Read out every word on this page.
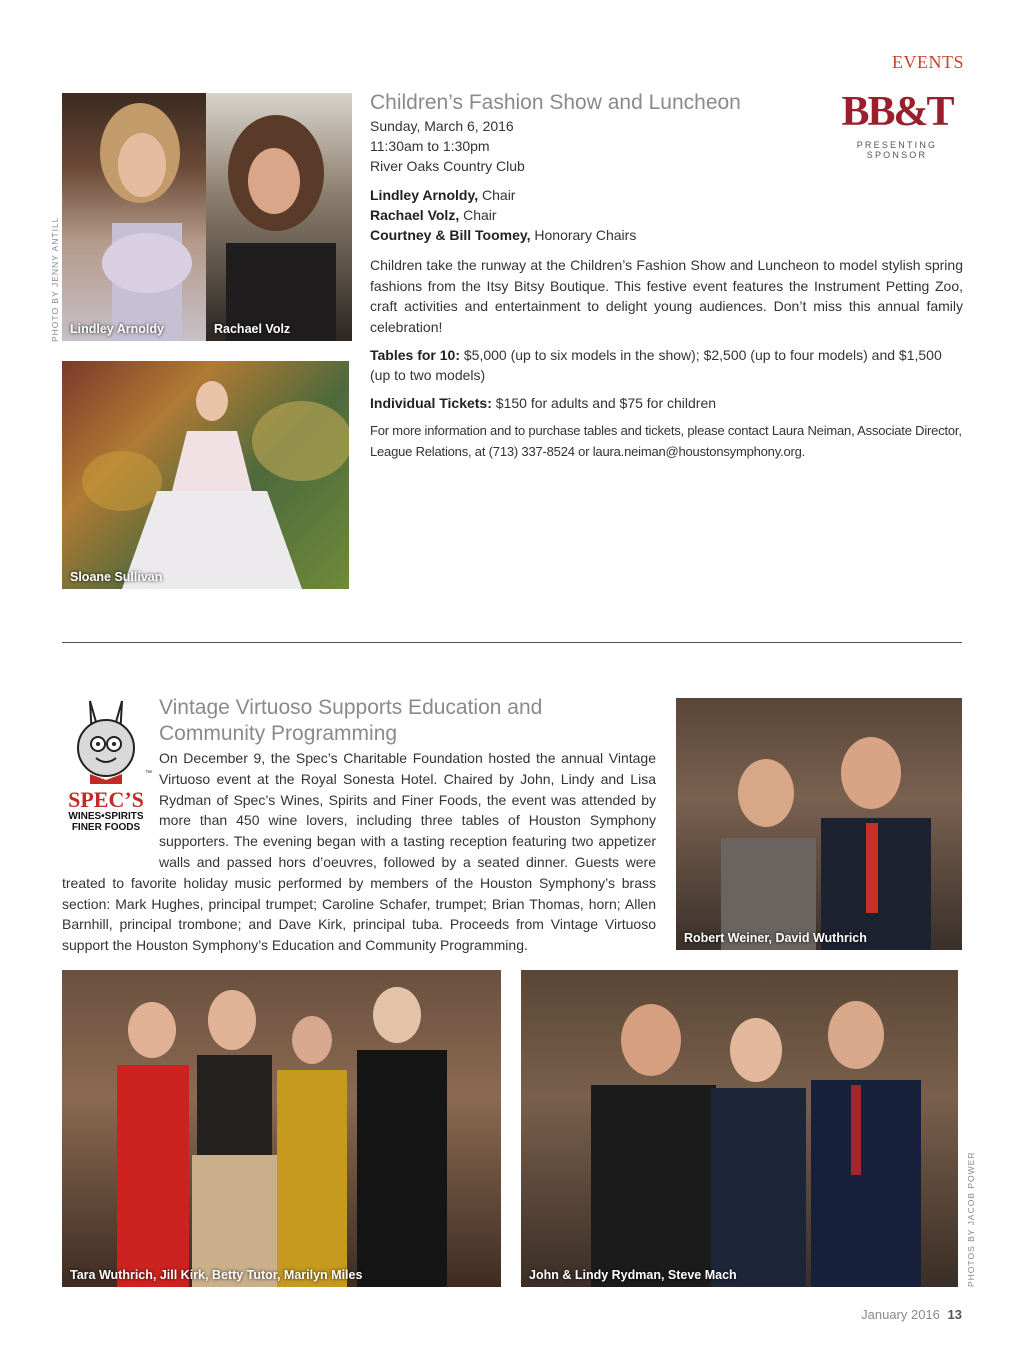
EVENTS
BB&T
PRESENTING SPONSOR
Lindley Arnoldy	Rachael Volz
PHOTO BY JENNY ANTILL
Sloane Sullivan
Children’s Fashion Show and Luncheon
Sunday, March 6, 2016
11:30am to 1:30pm
River Oaks Country Club
Lindley Arnoldy, Chair
Rachael Volz, Chair
Courtney & Bill Toomey, Honorary Chairs

Children take the runway at the Children’s Fashion Show and Luncheon to model stylish spring fashions from the Itsy Bitsy Boutique. This festive event features the Instrument Petting Zoo, craft activities and entertainment to delight young audiences. Don’t miss this annual family celebration!

Tables for 10: $5,000 (up to six models in the show); $2,500 (up to four models) and $1,500 (up to two models)

Individual Tickets: $150 for adults and $75 for children

For more information and to purchase tables and tickets, please contact Laura Neiman, Associate Director, League Relations, at (713) 337-8524 or laura.neiman@houstonsymphony.org.

SPEC’S
WINES•SPIRITS
FINER FOODS
™
Vintage Virtuoso Supports Education and
Community Programming

On December 9, the Spec’s Charitable Foundation hosted the annual Vintage Virtuoso event at the Royal Sonesta Hotel. Chaired by John, Lindy and Lisa Rydman of Spec’s Wines, Spirits and Finer Foods, the event was attended by more than 450 wine lovers, including three tables of Houston Symphony supporters. The evening began with a tasting reception featuring two appetizer walls and passed hors d’oeuvres, followed by a seated dinner. Guests were treated to favorite holiday music performed by members of the Houston Symphony’s brass section: Mark Hughes, principal trumpet; Caroline Schafer, trumpet; Brian Thomas, horn; Allen Barnhill, principal trombone; and Dave Kirk, principal tuba. Proceeds from Vintage Virtuoso support the Houston Symphony’s Education and Community Programming.	Robert Weiner, David Wuthrich
Tara Wuthrich, Jill Kirk, Betty Tutor, Marilyn Miles	John & Lindy Rydman, Steve Mach	PHOTOS BY JACOB POWER
January 2016 13
